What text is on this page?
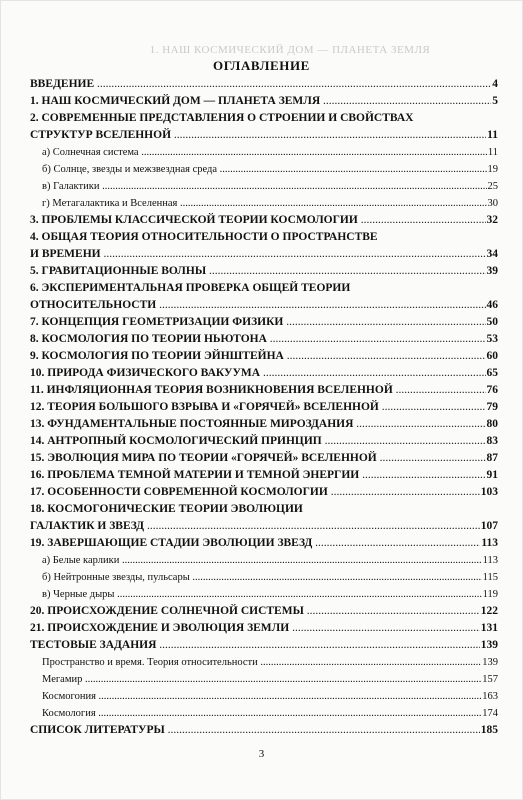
1. НАШ КОСМИЧЕСКИЙ ДОМ — ПЛАНЕТА ЗЕМЛЯ
ОГЛАВЛЕНИЕ
ВВЕДЕНИЕ .....	4
1. НАШ КОСМИЧЕСКИЙ ДОМ — ПЛАНЕТА ЗЕМЛЯ .....	5
2. СОВРЕМЕННЫЕ ПРЕДСТАВЛЕНИЯ О СТРОЕНИИ И СВОЙСТВАХ
СТРУКТУР ВСЕЛЕННОЙ .....	11
а) Солнечная система .....	11
б) Солнце, звезды и межзвездная среда .....	19
в) Галактики .....	25
г) Метагалактика и Вселенная .....	30
3. ПРОБЛЕМЫ КЛАССИЧЕСКОЙ ТЕОРИИ КОСМОЛОГИИ .....	32
4. ОБЩАЯ ТЕОРИЯ ОТНОСИТЕЛЬНОСТИ О ПРОСТРАНСТВЕ
И ВРЕМЕНИ .....	34
5. ГРАВИТАЦИОННЫЕ ВОЛНЫ .....	39
6. ЭКСПЕРИМЕНТАЛЬНАЯ ПРОВЕРКА ОБЩЕЙ ТЕОРИИ
ОТНОСИТЕЛЬНОСТИ .....	46
7. КОНЦЕПЦИЯ ГЕОМЕТРИЗАЦИИ ФИЗИКИ .....	50
8. КОСМОЛОГИЯ ПО ТЕОРИИ НЬЮТОНА .....	53
9. КОСМОЛОГИЯ ПО ТЕОРИИ ЭЙНШТЕЙНА .....	60
10. ПРИРОДА ФИЗИЧЕСКОГО ВАКУУМА .....	65
11. ИНФЛЯЦИОННАЯ ТЕОРИЯ ВОЗНИКНОВЕНИЯ ВСЕЛЕННОЙ .....	76
12. ТЕОРИЯ БОЛЬШОГО ВЗРЫВА И «ГОРЯЧЕЙ» ВСЕЛЕННОЙ .....	79
13. ФУНДАМЕНТАЛЬНЫЕ ПОСТОЯННЫЕ МИРОЗДАНИЯ .....	80
14. АНТРОПНЫЙ КОСМОЛОГИЧЕСКИЙ ПРИНЦИП .....	83
15. ЭВОЛЮЦИЯ МИРА ПО ТЕОРИИ «ГОРЯЧЕЙ» ВСЕЛЕННОЙ .....	87
16. ПРОБЛЕМА ТЕМНОЙ МАТЕРИИ И ТЕМНОЙ ЭНЕРГИИ .....	91
17. ОСОБЕННОСТИ СОВРЕМЕННОЙ КОСМОЛОГИИ .....	103
18. КОСМОГОНИЧЕСКИЕ ТЕОРИИ ЭВОЛЮЦИИ
ГАЛАКТИК И ЗВЕЗД .....	107
19. ЗАВЕРШАЮЩИЕ СТАДИИ ЭВОЛЮЦИИ ЗВЕЗД .....	113
а) Белые карлики .....	113
б) Нейтронные звезды, пульсары .....	115
в) Черные дыры .....	119
20. ПРОИСХОЖДЕНИЕ СОЛНЕЧНОЙ СИСТЕМЫ .....	122
21. ПРОИСХОЖДЕНИЕ И ЭВОЛЮЦИЯ ЗЕМЛИ .....	131
ТЕСТОВЫЕ ЗАДАНИЯ .....	139
Пространство и время. Теория относительности .....	139
Мегамир .....	157
Космогония .....	163
Космология .....	174
СПИСОК ЛИТЕРАТУРЫ .....	185
3
